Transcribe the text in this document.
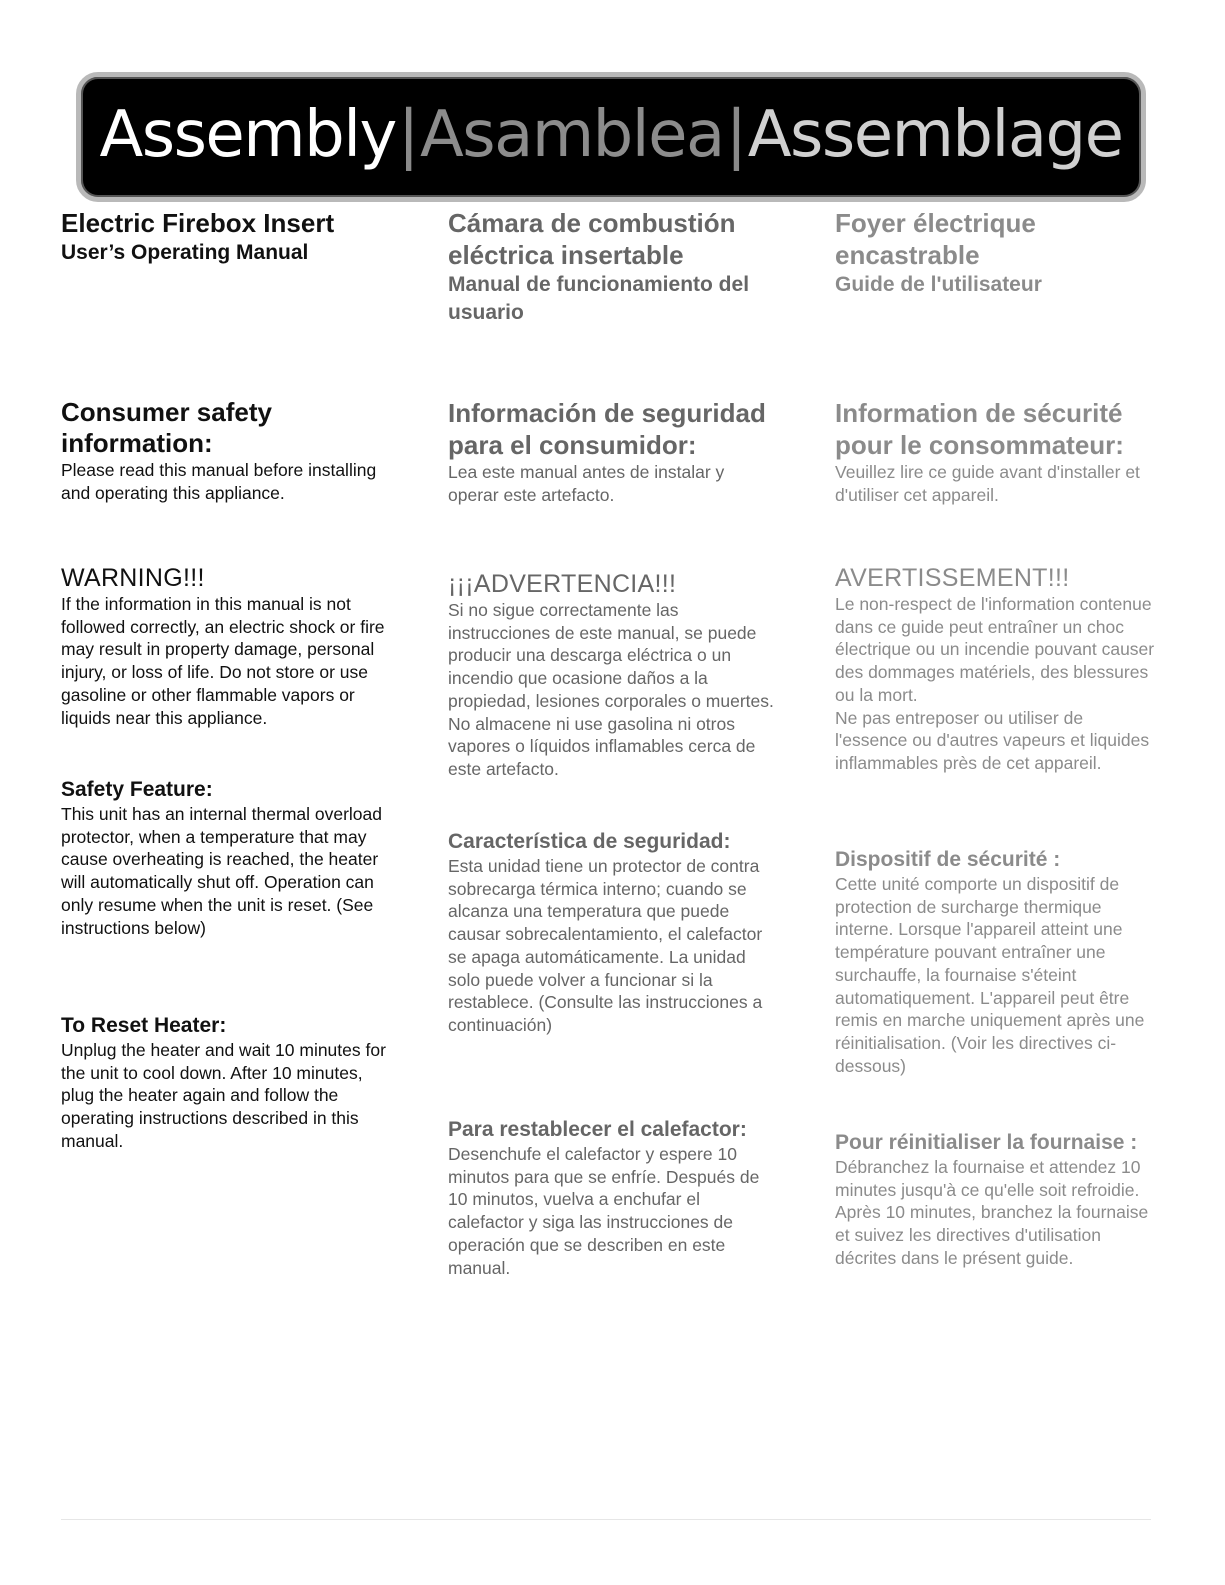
Assembly|Asamblea|Assemblage

Electric Firebox Insert

User’s Operating Manual

Consumer safety information:

Please read this manual before installing and operating this appliance.

WARNING!!!

If the information in this manual is not followed correctly, an electric shock or fire may result in property damage, personal injury, or loss of life. Do not store or use gasoline or other flammable vapors or liquids near this appliance.

Safety Feature:

This unit has an internal thermal overload protector, when a temperature that may cause overheating is reached, the heater will automatically shut off. Operation can only resume when the unit is reset. (See instructions below)

To Reset Heater:

Unplug the heater and wait 10 minutes for the unit to cool down. After 10 minutes, plug the heater again and follow the operating instructions described in this manual.

Cámara de combustión eléctrica insertable

Manual de funcionamiento del usuario

Información de seguridad para el consumidor:

Lea este manual antes de instalar y operar este artefacto.

¡¡¡ADVERTENCIA!!!

Si no sigue correctamente las instrucciones de este manual, se puede producir una descarga eléctrica o un incendio que ocasione daños a la propiedad, lesiones corporales o muertes. No almacene ni use gasolina ni otros vapores o líquidos inflamables cerca de este artefacto.

Característica de seguridad:

Esta unidad tiene un protector de contra sobrecarga térmica interno; cuando se alcanza una temperatura que puede causar sobrecalentamiento, el calefactor se apaga automáticamente. La unidad solo puede volver a funcionar si la restablece. (Consulte las instrucciones a continuación)

Para restablecer el calefactor:

Desenchufe el calefactor y espere 10 minutos para que se enfríe. Después de 10 minutos, vuelva a enchufar el calefactor y siga las instrucciones de operación que se describen en este manual.

Foyer électrique encastrable

Guide de l'utilisateur

Information de sécurité pour le consommateur:

Veuillez lire ce guide avant d'installer et d'utiliser cet appareil.

AVERTISSEMENT!!!

Le non-respect de l'information contenue dans ce guide peut entraîner un choc électrique ou un incendie pouvant causer des dommages matériels, des blessures ou la mort.

Ne pas entreposer ou utiliser de l'essence ou d'autres vapeurs et liquides inflammables près de cet appareil.

Dispositif de sécurité :

Cette unité comporte un dispositif de protection de surcharge thermique interne. Lorsque l'appareil atteint une température pouvant entraîner une surchauffe, la fournaise s'éteint automatiquement. L'appareil peut être remis en marche uniquement après une réinitialisation. (Voir les directives ci-dessous)

Pour réinitialiser la fournaise :

Débranchez la fournaise et attendez 10 minutes jusqu'à ce qu'elle soit refroidie. Après 10 minutes, branchez la fournaise et suivez les directives d'utilisation décrites dans le présent guide.
